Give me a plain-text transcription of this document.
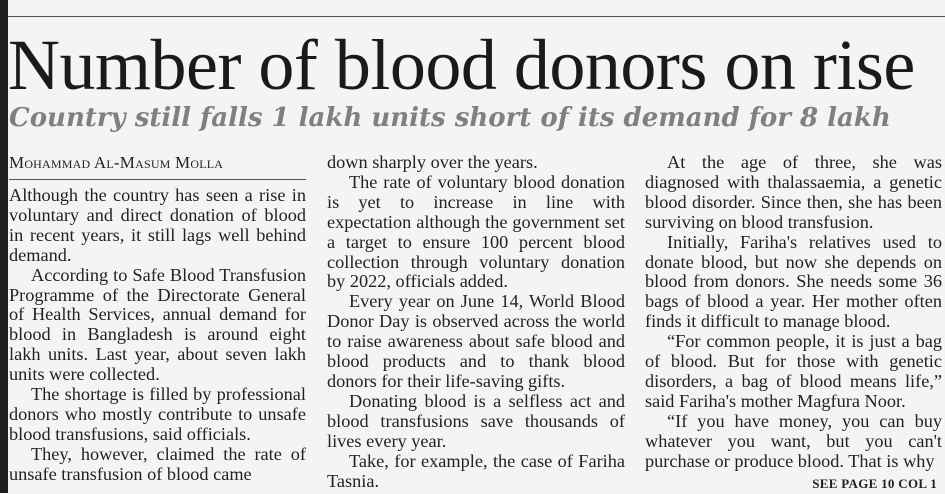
Number of blood donors on rise
Country still falls 1 lakh units short of its demand for 8 lakh
Mohammad Al-Masum Molla

Although the country has seen a rise in voluntary and direct donation of blood in recent years, it still lags well behind demand.

According to Safe Blood Transfusion Programme of the Directorate General of Health Services, annual demand for blood in Bangladesh is around eight lakh units. Last year, about seven lakh units were collected.

The shortage is filled by professional donors who mostly contribute to unsafe blood transfusions, said officials.

They, however, claimed the rate of unsafe transfusion of blood came

down sharply over the years.

The rate of voluntary blood donation is yet to increase in line with expectation although the government set a target to ensure 100 percent blood collection through voluntary donation by 2022, officials added.

Every year on June 14, World Blood Donor Day is observed across the world to raise awareness about safe blood and blood products and to thank blood donors for their life-saving gifts.

Donating blood is a selfless act and blood transfusions save thousands of lives every year.

Take, for example, the case of Fariha Tasnia.

At the age of three, she was diagnosed with thalassaemia, a genetic blood disorder. Since then, she has been surviving on blood transfusion.

Initially, Fariha's relatives used to donate blood, but now she depends on blood from donors. She needs some 36 bags of blood a year. Her mother often finds it difficult to manage blood.

“For common people, it is just a bag of blood. But for those with genetic disorders, a bag of blood means life,” said Fariha's mother Magfura Noor.

“If you have money, you can buy whatever you want, but you can't purchase or produce blood. That is why

SEE PAGE 10 COL 1
